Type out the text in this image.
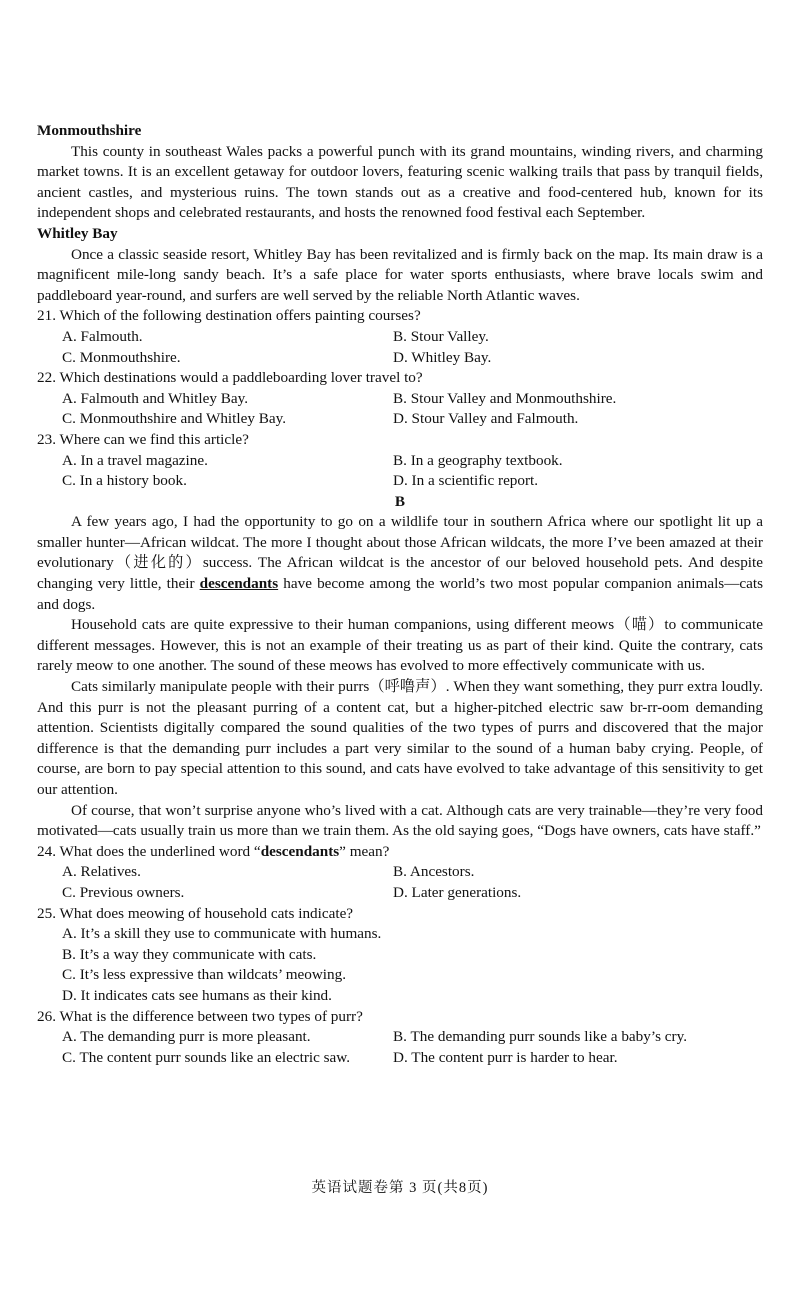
Monmouthshire

This county in southeast Wales packs a powerful punch with its grand mountains, winding rivers, and charming market towns. It is an excellent getaway for outdoor lovers, featuring scenic walking trails that pass by tranquil fields, ancient castles, and mysterious ruins. The town stands out as a creative and food-centered hub, known for its independent shops and celebrated restaurants, and hosts the renowned food festival each September.

Whitley Bay

Once a classic seaside resort, Whitley Bay has been revitalized and is firmly back on the map. Its main draw is a magnificent mile-long sandy beach. It’s a safe place for water sports enthusiasts, where brave locals swim and paddleboard year-round, and surfers are well served by the reliable North Atlantic waves.

21. Which of the following destination offers painting courses?

A. Falmouth.	B. Stour Valley.

C. Monmouthshire.	D. Whitley Bay.

22. Which destinations would a paddleboarding lover travel to?

A. Falmouth and Whitley Bay.	B. Stour Valley and Monmouthshire.

C. Monmouthshire and Whitley Bay.	D. Stour Valley and Falmouth.

23. Where can we find this article?

A. In a travel magazine.	B. In a geography textbook.

C. In a history book.	D. In a scientific report.

B

A few years ago, I had the opportunity to go on a wildlife tour in southern Africa where our spotlight lit up a smaller hunter—African wildcat. The more I thought about those African wildcats, the more I’ve been amazed at their evolutionary（进化的）success. The African wildcat is the ancestor of our beloved household pets. And despite changing very little, their descendants have become among the world’s two most popular companion animals—cats and dogs.

Household cats are quite expressive to their human companions, using different meows（喵）to communicate different messages. However, this is not an example of their treating us as part of their kind. Quite the contrary, cats rarely meow to one another. The sound of these meows has evolved to more effectively communicate with us.

Cats similarly manipulate people with their purrs（呼噜声）. When they want something, they purr extra loudly. And this purr is not the pleasant purring of a content cat, but a higher-pitched electric saw br-rr-oom demanding attention. Scientists digitally compared the sound qualities of the two types of purrs and discovered that the major difference is that the demanding purr includes a part very similar to the sound of a human baby crying. People, of course, are born to pay special attention to this sound, and cats have evolved to take advantage of this sensitivity to get our attention.

Of course, that won’t surprise anyone who’s lived with a cat. Although cats are very trainable—they’re very food motivated—cats usually train us more than we train them. As the old saying goes, “Dogs have owners, cats have staff.”

24. What does the underlined word “descendants” mean?

A. Relatives.	B. Ancestors.

C. Previous owners.	D. Later generations.

25. What does meowing of household cats indicate?

A. It’s a skill they use to communicate with humans.

B. It’s a way they communicate with cats.

C. It’s less expressive than wildcats’ meowing.

D. It indicates cats see humans as their kind.

26. What is the difference between two types of purr?

A. The demanding purr is more pleasant.	B. The demanding purr sounds like a baby’s cry.

C. The content purr sounds like an electric saw.	D. The content purr is harder to hear.

英语试题卷第 3 页(共8页)
